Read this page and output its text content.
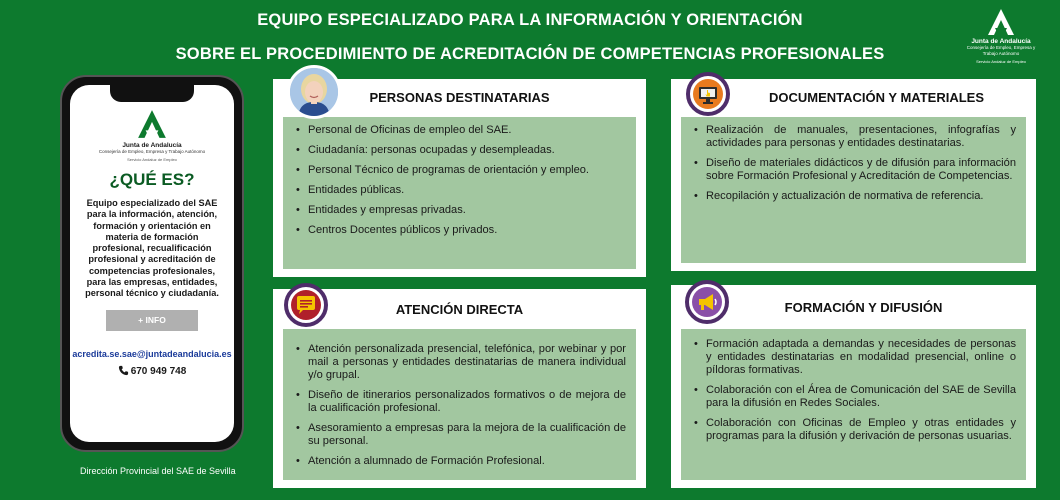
EQUIPO ESPECIALIZADO PARA LA INFORMACIÓN Y ORIENTACIÓN
SOBRE EL PROCEDIMIENTO DE ACREDITACIÓN DE COMPETENCIAS PROFESIONALES
Junta de Andalucía
Consejería de Empleo, Empresa y Trabajo Autónomo
Servicio Andaluz de Empleo
Junta de Andalucía
Consejería de Empleo, Empresa y Trabajo Autónomo
Servicio Andaluz de Empleo
¿QUÉ ES?
Equipo especializado del SAE para la información, atención, formación y orientación en materia de formación profesional, recualificación profesional y acreditación de competencias profesionales, para las empresas, entidades, personal técnico y ciudadanía.
+ INFO
acredita.se.sae@juntadeandalucia.es
670 949 748
Dirección Provincial del SAE de Sevilla
PERSONAS DESTINATARIAS
• Personal de Oficinas de empleo del SAE.
• Ciudadanía: personas ocupadas y desempleadas.
• Personal Técnico de programas de orientación y empleo.
• Entidades públicas.
• Entidades y empresas privadas.
• Centros Docentes públicos y privados.
DOCUMENTACIÓN Y MATERIALES
• Realización de manuales, presentaciones, infografías y actividades para personas y entidades destinatarias.
• Diseño de materiales didácticos y de difusión para información sobre Formación Profesional y Acreditación de Competencias.
• Recopilación y actualización de normativa de referencia.
ATENCIÓN DIRECTA
• Atención personalizada presencial, telefónica, por webinar y por mail a personas y entidades destinatarias de manera individual y/o grupal.
• Diseño de itinerarios personalizados formativos o de mejora de la cualificación profesional.
• Asesoramiento a empresas para la mejora de la cualificación de su personal.
• Atención a alumnado de Formación Profesional.
FORMACIÓN Y DIFUSIÓN
• Formación adaptada a demandas y necesidades de personas y entidades destinatarias en modalidad presencial, online o píldoras formativas.
• Colaboración con el Área de Comunicación del SAE de Sevilla para la difusión en Redes Sociales.
• Colaboración con Oficinas de Empleo y otras entidades y programas para la difusión y derivación de personas usuarias.
